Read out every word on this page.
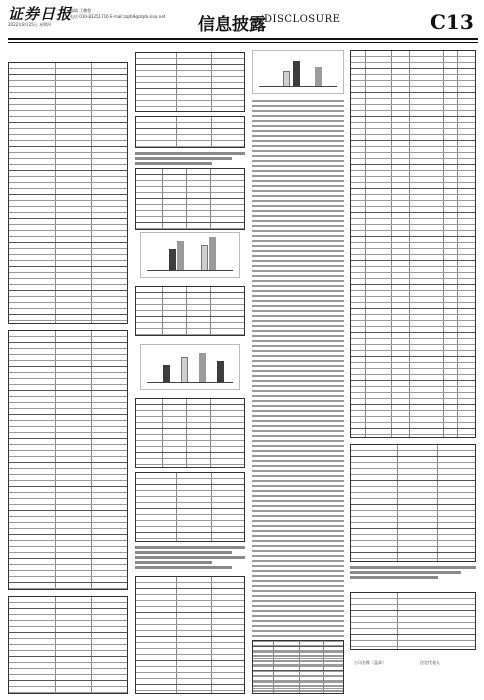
证券日报
2022年8月25日 星期四
编辑 王鹏程
电话 010-83251716 E-mail:zqrb9@zqrb.sina.net 信息披露
DISCLOSURE	C13
公司名称（盖章）	法定代表人
